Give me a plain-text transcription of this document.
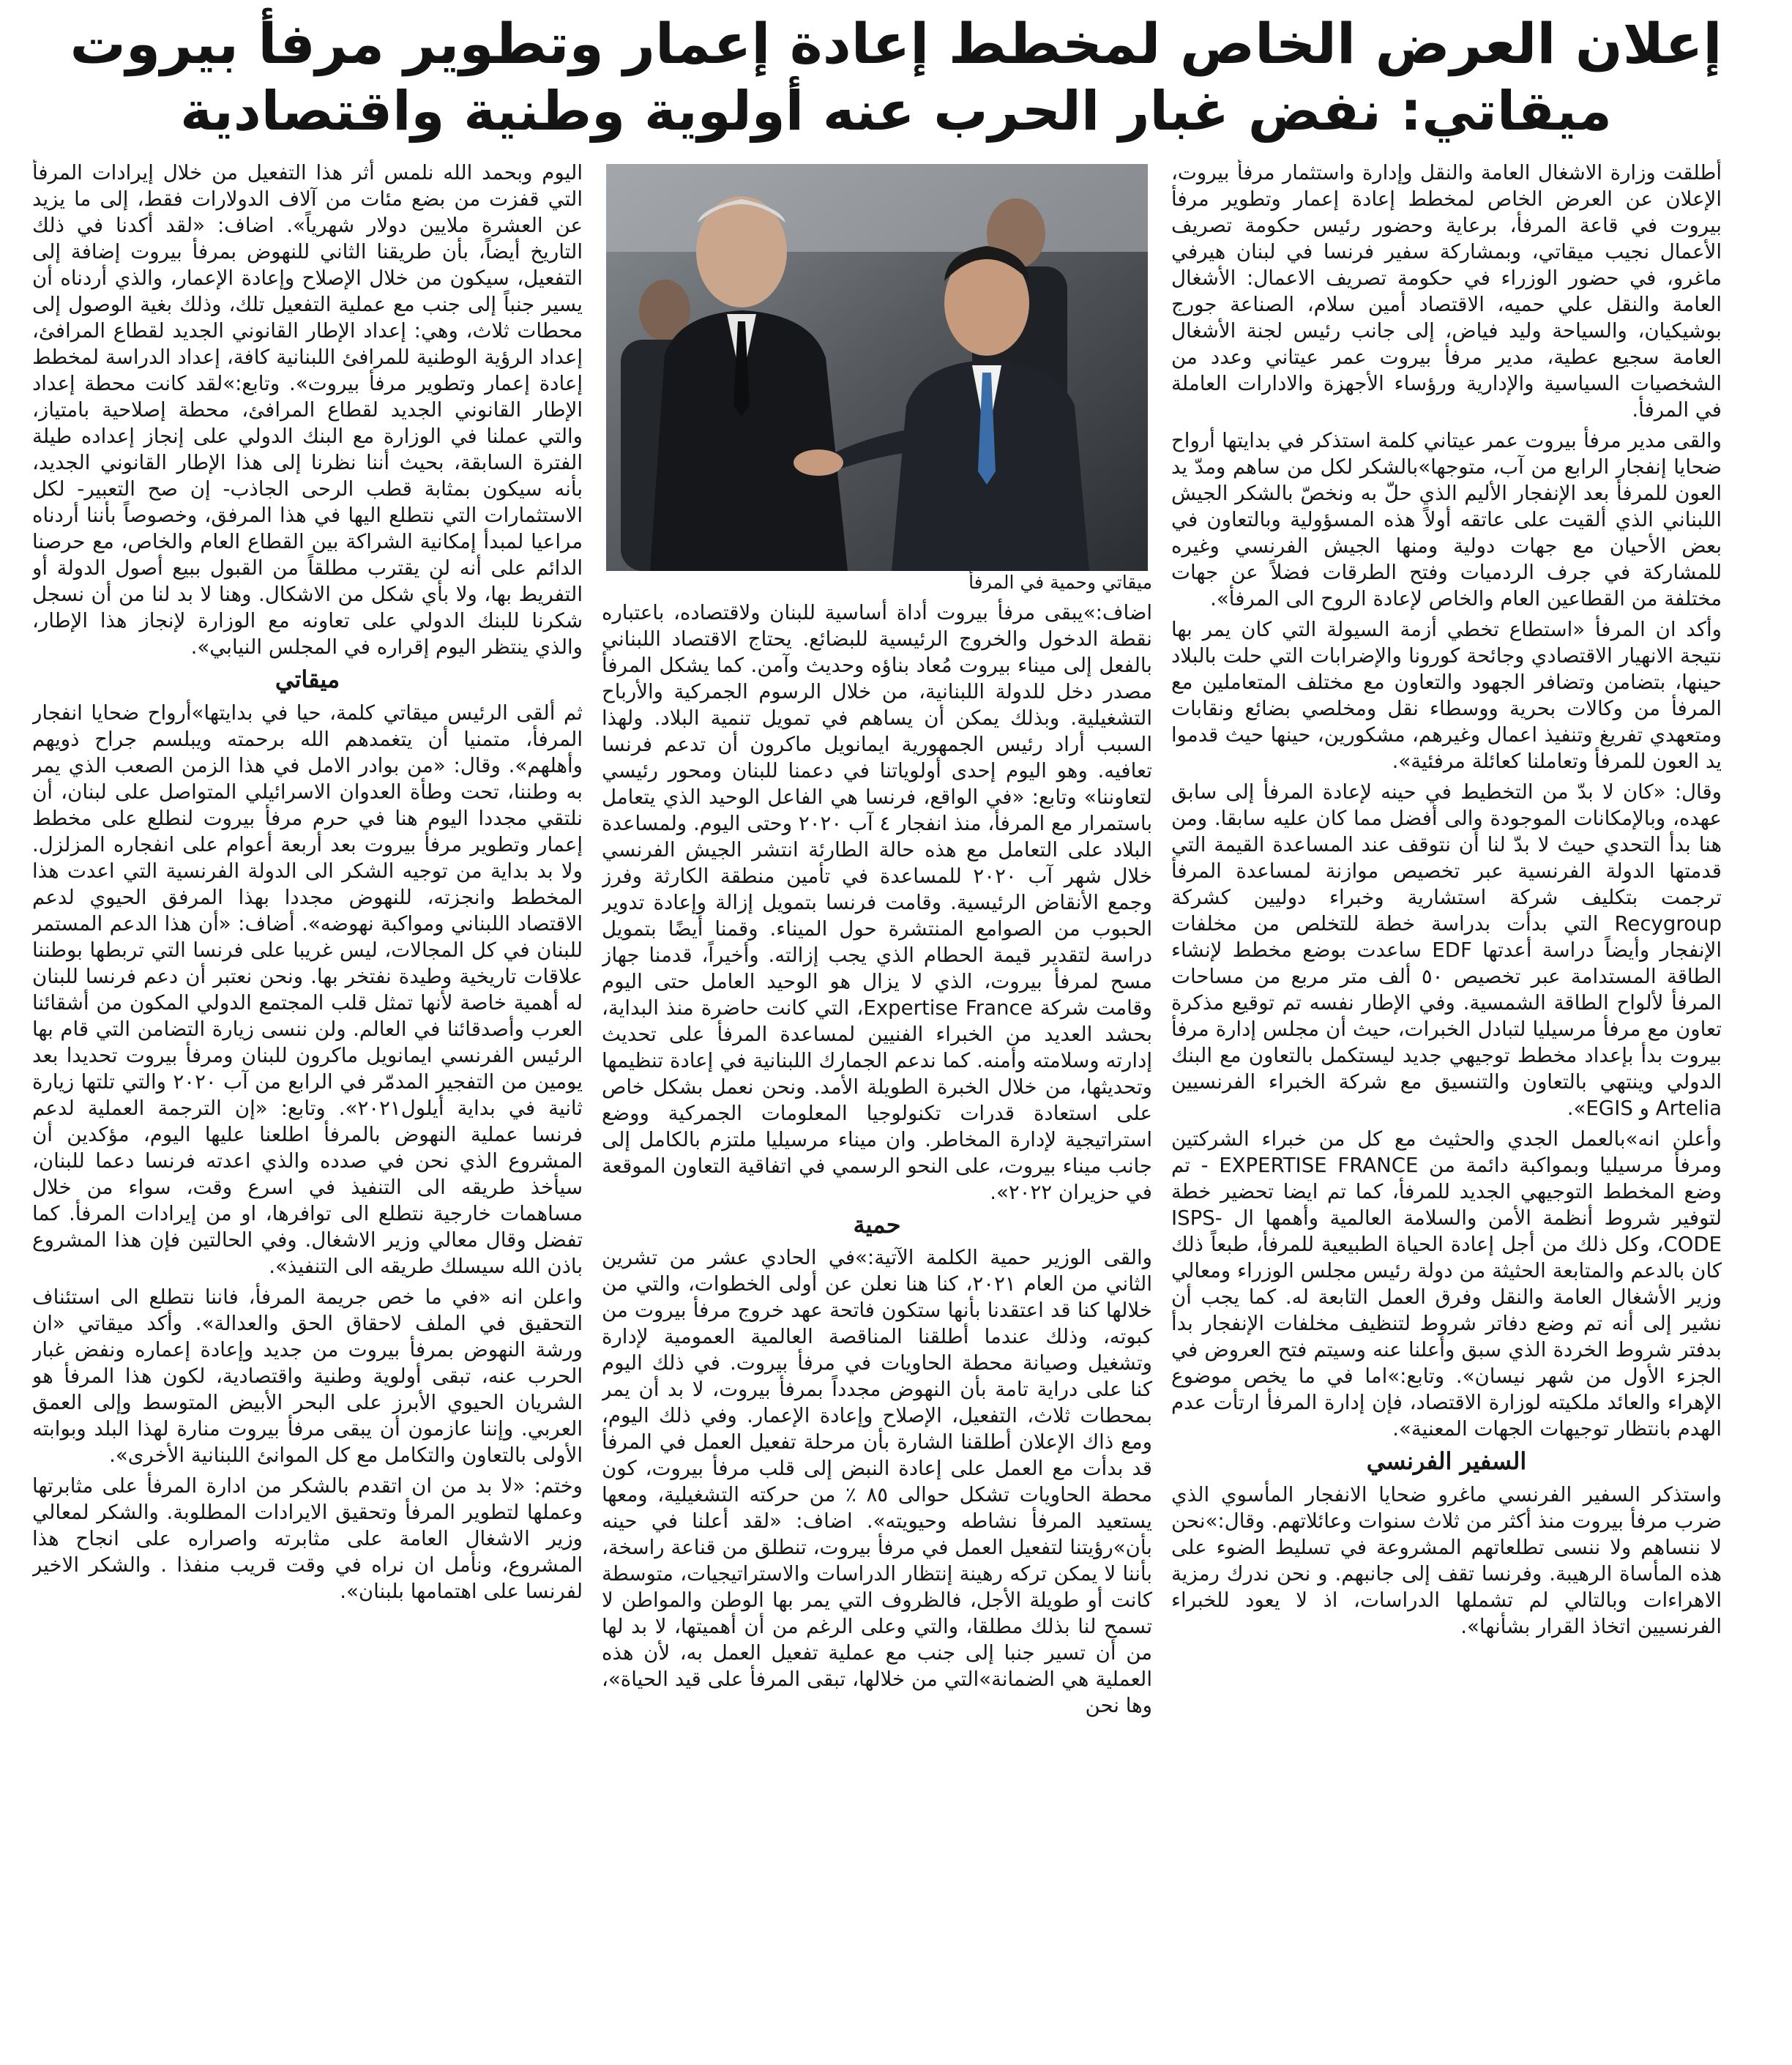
إعلان العرض الخاص لمخطط إعادة إعمار وتطوير مرفأ بيروت
ميقاتي: نفض غبار الحرب عنه أولوية وطنية واقتصادية

أطلقت وزارة الاشغال العامة والنقل وإدارة واستثمار مرفأ بيروت، الإعلان عن العرض الخاص لمخطط إعادة إعمار وتطوير مرفأ بيروت في قاعة المرفأ، برعاية وحضور رئيس حكومة تصريف الأعمال نجيب ميقاتي، وبمشاركة سفير فرنسا في لبنان هيرفي ماغرو، في حضور الوزراء في حكومة تصريف الاعمال: الأشغال العامة والنقل علي حميه، الاقتصاد أمين سلام، الصناعة جورج بوشيكيان، والسياحة وليد فياض، إلى جانب رئيس لجنة الأشغال العامة سجيع عطية، مدير مرفأ بيروت عمر عيتاني وعدد من الشخصيات السياسية والإدارية ورؤساء الأجهزة والادارات العاملة في المرفأ.

والقى مدير مرفأ بيروت عمر عيتاني كلمة استذكر في بدايتها أرواح ضحايا إنفجار الرابع من آب، متوجها»بالشكر لكل من ساهم ومدّ يد العون للمرفأ بعد الإنفجار الأليم الذي حلّ به ونخصّ بالشكر الجيش اللبناني الذي ألقيت على عاتقه أولاً هذه المسؤولية وبالتعاون في بعض الأحيان مع جهات دولية ومنها الجيش الفرنسي وغيره للمشاركة في جرف الردميات وفتح الطرقات فضلاً عن جهات مختلفة من القطاعين العام والخاص لإعادة الروح الى المرفأ».

وأكد ان المرفأ «استطاع تخطي أزمة السيولة التي كان يمر بها نتيجة الانهيار الاقتصادي وجائحة كورونا والإضرابات التي حلت بالبلاد حينها، بتضامن وتضافر الجهود والتعاون مع مختلف المتعاملين مع المرفأ من وكالات بحرية ووسطاء نقل ومخلصي بضائع ونقابات ومتعهدي تفريغ وتنفيذ اعمال وغيرهم، مشكورين، حينها حيث قدموا يد العون للمرفأ وتعاملنا كعائلة مرفئية».

وقال: «كان لا بدّ من التخطيط في حينه لإعادة المرفأ إلى سابق عهده، وبالإمكانات الموجودة والى أفضل مما كان عليه سابقا. ومن هنا بدأ التحدي حيث لا بدّ لنا أن نتوقف عند المساعدة القيمة التي قدمتها الدولة الفرنسية عبر تخصيص موازنة لمساعدة المرفأ ترجمت بتكليف شركة استشارية وخبراء دوليين كشركة Recygroup التي بدأت بدراسة خطة للتخلص من مخلفات الإنفجار وأيضاً دراسة أعدتها EDF ساعدت بوضع مخطط لإنشاء الطاقة المستدامة عبر تخصيص ٥٠ ألف متر مربع من مساحات المرفأ لألواح الطاقة الشمسية. وفي الإطار نفسه تم توقيع مذكرة تعاون مع مرفأ مرسيليا لتبادل الخبرات، حيث أن مجلس إدارة مرفأ بيروت بدأ بإعداد مخطط توجيهي جديد ليستكمل بالتعاون مع البنك الدولي وينتهي بالتعاون والتنسيق مع شركة الخبراء الفرنسيين Artelia و EGIS».

وأعلن انه»بالعمل الجدي والحثيث مع كل من خبراء الشركتين ومرفأ مرسيليا وبمواكبة دائمة من EXPERTISE FRANCE - تم وضع المخطط التوجيهي الجديد للمرفأ، كما تم ايضا تحضير خطة لتوفير شروط أنظمة الأمن والسلامة العالمية وأهمها ال ISPS-CODE، وكل ذلك من أجل إعادة الحياة الطبيعية للمرفأ، طبعاً ذلك كان بالدعم والمتابعة الحثيثة من دولة رئيس مجلس الوزراء ومعالي وزير الأشغال العامة والنقل وفرق العمل التابعة له. كما يجب أن نشير إلى أنه تم وضع دفاتر شروط لتنظيف مخلفات الإنفجار بدأ بدفتر شروط الخردة الذي سبق وأعلنا عنه وسيتم فتح العروض في الجزء الأول من شهر نيسان». وتابع:»اما في ما يخص موضوع الإهراء والعائد ملكيته لوزارة الاقتصاد، فإن إدارة المرفأ ارتأت عدم الهدم بانتظار توجيهات الجهات المعنية».

السفير الفرنسي

واستذكر السفير الفرنسي ماغرو ضحايا الانفجار المأسوي الذي ضرب مرفأ بيروت منذ أكثر من ثلاث سنوات وعائلاتهم. وقال:»نحن لا ننساهم ولا ننسى تطلعاتهم المشروعة في تسليط الضوء على هذه المأساة الرهيبة. وفرنسا تقف إلى جانبهم. و نحن ندرك رمزية الاهراءات وبالتالي لم تشملها الدراسات، اذ لا يعود للخبراء الفرنسيين اتخاذ القرار بشأنها».

ميقاتي وحمية في المرفأ

اضاف:»يبقى مرفأ بيروت أداة أساسية للبنان ولاقتصاده، باعتباره نقطة الدخول والخروج الرئيسية للبضائع. يحتاج الاقتصاد اللبناني بالفعل إلى ميناء بيروت مُعاد بناؤه وحديث وآمن. كما يشكل المرفأ مصدر دخل للدولة اللبنانية، من خلال الرسوم الجمركية والأرباح التشغيلية. وبذلك يمكن أن يساهم في تمويل تنمية البلاد. ولهذا السبب أراد رئيس الجمهورية ايمانويل ماكرون أن تدعم فرنسا تعافيه. وهو اليوم إحدى أولوياتنا في دعمنا للبنان ومحور رئيسي لتعاوننا» وتابع: «في الواقع، فرنسا هي الفاعل الوحيد الذي يتعامل باستمرار مع المرفأ، منذ انفجار ٤ آب ٢٠٢٠ وحتى اليوم. ولمساعدة البلاد على التعامل مع هذه حالة الطارئة انتشر الجيش الفرنسي خلال شهر آب ٢٠٢٠ للمساعدة في تأمين منطقة الكارثة وفرز وجمع الأنقاض الرئيسية. وقامت فرنسا بتمويل إزالة وإعادة تدوير الحبوب من الصوامع المنتشرة حول الميناء. وقمنا أيضًا بتمويل دراسة لتقدير قيمة الحطام الذي يجب إزالته. وأخيراً، قدمنا جهاز مسح لمرفأ بيروت، الذي لا يزال هو الوحيد العامل حتى اليوم وقامت شركة Expertise France، التي كانت حاضرة منذ البداية، بحشد العديد من الخبراء الفنيين لمساعدة المرفأ على تحديث إدارته وسلامته وأمنه. كما ندعم الجمارك اللبنانية في إعادة تنظيمها وتحديثها، من خلال الخبرة الطويلة الأمد. ونحن نعمل بشكل خاص على استعادة قدرات تكنولوجيا المعلومات الجمركية ووضع استراتيجية لإدارة المخاطر. وان ميناء مرسيليا ملتزم بالكامل إلى جانب ميناء بيروت، على النحو الرسمي في اتفاقية التعاون الموقعة في حزيران ٢٠٢٢».

حمية

والقى الوزير حمية الكلمة الآتية:»في الحادي عشر من تشرين الثاني من العام ٢٠٢١، كنا هنا نعلن عن أولى الخطوات، والتي من خلالها كنا قد اعتقدنا بأنها ستكون فاتحة عهد خروج مرفأ بيروت من كبوته، وذلك عندما أطلقنا المناقصة العالمية العمومية لإدارة وتشغيل وصيانة محطة الحاويات في مرفأ بيروت. في ذلك اليوم كنا على دراية تامة بأن النهوض مجدداً بمرفأ بيروت، لا بد أن يمر بمحطات ثلاث، التفعيل، الإصلاح وإعادة الإعمار. وفي ذلك اليوم، ومع ذاك الإعلان أطلقنا الشارة بأن مرحلة تفعيل العمل في المرفأ قد بدأت مع العمل على إعادة النبض إلى قلب مرفأ بيروت، كون محطة الحاويات تشكل حوالى ٨٥ ٪ من حركته التشغيلية، ومعها يستعيد المرفأ نشاطه وحيويته». اضاف: «لقد أعلنا في حينه بأن»رؤيتنا لتفعيل العمل في مرفأ بيروت، تنطلق من قناعة راسخة، بأننا لا يمكن تركه رهينة إنتظار الدراسات والاستراتيجيات، متوسطة كانت أو طويلة الأجل، فالظروف التي يمر بها الوطن والمواطن لا تسمح لنا بذلك مطلقا، والتي وعلى الرغم من أن أهميتها، لا بد لها من أن تسير جنبا إلى جنب مع عملية تفعيل العمل به، لأن هذه العملية هي الضمانة»التي من خلالها، تبقى المرفأ على قيد الحياة»، وها نحن

اليوم وبحمد الله نلمس أثر هذا التفعيل من خلال إيرادات المرفأ التي قفزت من بضع مئات من آلاف الدولارات فقط، إلى ما يزيد عن العشرة ملايين دولار شهرياً». اضاف: «لقد أكدنا في ذلك التاريخ أيضاً، بأن طريقنا الثاني للنهوض بمرفأ بيروت إضافة إلى التفعيل، سيكون من خلال الإصلاح وإعادة الإعمار، والذي أردناه أن يسير جنباً إلى جنب مع عملية التفعيل تلك، وذلك بغية الوصول إلى محطات ثلاث، وهي: إعداد الإطار القانوني الجديد لقطاع المرافئ، إعداد الرؤية الوطنية للمرافئ اللبنانية كافة، إعداد الدراسة لمخطط إعادة إعمار وتطوير مرفأ بيروت». وتابع:»لقد كانت محطة إعداد الإطار القانوني الجديد لقطاع المرافئ، محطة إصلاحية بامتياز، والتي عملنا في الوزارة مع البنك الدولي على إنجاز إعداده طيلة الفترة السابقة، بحيث أننا نظرنا إلى هذا الإطار القانوني الجديد، بأنه سيكون بمثابة قطب الرحى الجاذب- إن صح التعبير- لكل الاستثمارات التي نتطلع اليها في هذا المرفق، وخصوصاً بأننا أردناه مراعيا لمبدأ إمكانية الشراكة بين القطاع العام والخاص، مع حرصنا الدائم على أنه لن يقترب مطلقاً من القبول ببيع أصول الدولة أو التفريط بها، ولا بأي شكل من الاشكال. وهنا لا بد لنا من أن نسجل شكرنا للبنك الدولي على تعاونه مع الوزارة لإنجاز هذا الإطار، والذي ينتظر اليوم إقراره في المجلس النيابي».

ميقاتي

ثم ألقى الرئيس ميقاتي كلمة، حيا في بدايتها»أرواح ضحايا انفجار المرفأ، متمنيا أن يتغمدهم الله برحمته ويبلسم جراح ذويهم وأهلهم». وقال: «من بوادر الامل في هذا الزمن الصعب الذي يمر به وطننا، تحت وطأة العدوان الاسرائيلي المتواصل على لبنان، أن نلتقي مجددا اليوم هنا في حرم مرفأ بيروت لنطلع على مخطط إعمار وتطوير مرفأ بيروت بعد أربعة أعوام على انفجاره المزلزل. ولا بد بداية من توجيه الشكر الى الدولة الفرنسية التي اعدت هذا المخطط وانجزته، للنهوض مجددا بهذا المرفق الحيوي لدعم الاقتصاد اللبناني ومواكبة نهوضه». أضاف: «أن هذا الدعم المستمر للبنان في كل المجالات، ليس غريبا على فرنسا التي تربطها بوطننا علاقات تاريخية وطيدة نفتخر بها. ونحن نعتبر أن دعم فرنسا للبنان له أهمية خاصة لأنها تمثل قلب المجتمع الدولي المكون من أشقائنا العرب وأصدقائنا في العالم. ولن ننسى زيارة التضامن التي قام بها الرئيس الفرنسي ايمانويل ماكرون للبنان ومرفأ بيروت تحديدا بعد يومين من التفجير المدمّر في الرابع من آب ٢٠٢٠ والتي تلتها زيارة ثانية في بداية أيلول٢٠٢١». وتابع: «إن الترجمة العملية لدعم فرنسا عملية النهوض بالمرفأ اطلعنا عليها اليوم، مؤكدين أن المشروع الذي نحن في صدده والذي اعدته فرنسا دعما للبنان، سيأخذ طريقه الى التنفيذ في اسرع وقت، سواء من خلال مساهمات خارجية نتطلع الى توافرها، او من إيرادات المرفأ. كما تفضل وقال معالي وزير الاشغال. وفي الحالتين فإن هذا المشروع باذن الله سيسلك طريقه الى التنفيذ».

واعلن انه «في ما خص جريمة المرفأ، فاننا نتطلع الى استئناف التحقيق في الملف لاحقاق الحق والعدالة». وأكد ميقاتي «ان ورشة النهوض بمرفأ بيروت من جديد وإعادة إعماره ونفض غبار الحرب عنه، تبقى أولوية وطنية واقتصادية، لكون هذا المرفأ هو الشريان الحيوي الأبرز على البحر الأبيض المتوسط وإلى العمق العربي. وإننا عازمون أن يبقى مرفأ بيروت منارة لهذا البلد وبوابته الأولى بالتعاون والتكامل مع كل الموانئ اللبنانية الأخرى».

وختم: «لا بد من ان اتقدم بالشكر من ادارة المرفأ على مثابرتها وعملها لتطوير المرفأ وتحقيق الايرادات المطلوبة. والشكر لمعالي وزير الاشغال العامة على مثابرته واصراره على انجاح هذا المشروع، ونأمل ان نراه في وقت قريب منفذا . والشكر الاخير لفرنسا على اهتمامها بلبنان».
